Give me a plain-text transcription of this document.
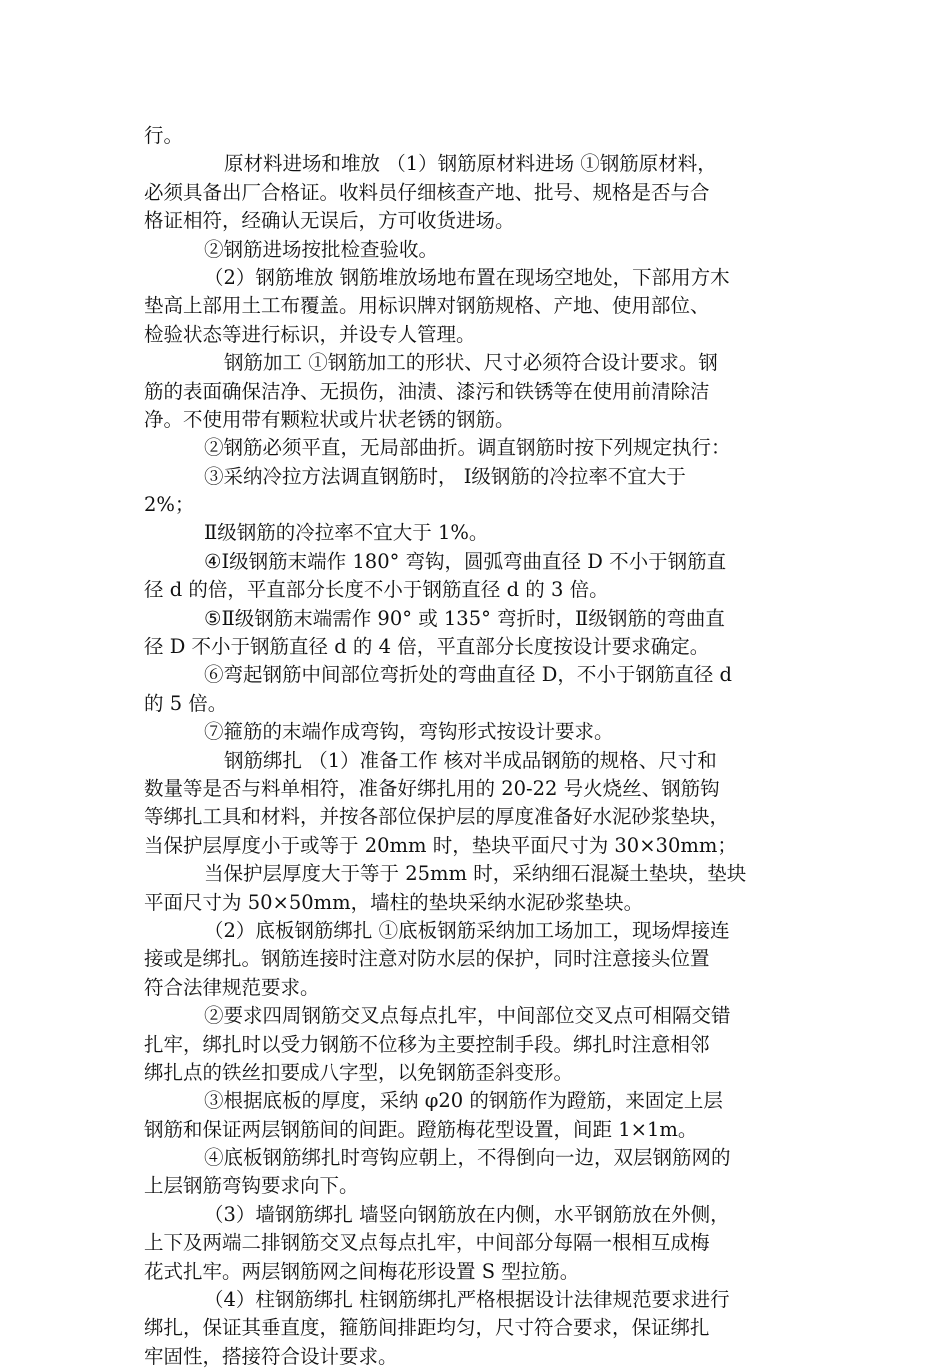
行。
原材料进场和堆放 （1）钢筋原材料进场 ①钢筋原材料，
必须具备出厂合格证。收料员仔细核查产地、批号、规格是否与合
格证相符，经确认无误后，方可收货进场。
②钢筋进场按批检查验收。
（2）钢筋堆放 钢筋堆放场地布置在现场空地处，下部用方木
垫高上部用土工布覆盖。用标识牌对钢筋规格、产地、使用部位、
检验状态等进行标识，并设专人管理。
钢筋加工 ①钢筋加工的形状、尺寸必须符合设计要求。钢
筋的表面确保洁净、无损伤，油渍、漆污和铁锈等在使用前清除洁
净。不使用带有颗粒状或片状老锈的钢筋。
②钢筋必须平直，无局部曲折。调直钢筋时按下列规定执行：
③采纳冷拉方法调直钢筋时， Ⅰ级钢筋的冷拉率不宜大于
2%；
Ⅱ级钢筋的冷拉率不宜大于 1%。
④Ⅰ级钢筋末端作 180° 弯钩，圆弧弯曲直径 D 不小于钢筋直
径 d 的倍，平直部分长度不小于钢筋直径 d 的 3 倍。
⑤Ⅱ级钢筋末端需作 90° 或 135° 弯折时，Ⅱ级钢筋的弯曲直
径 D 不小于钢筋直径 d 的 4 倍，平直部分长度按设计要求确定。
⑥弯起钢筋中间部位弯折处的弯曲直径 D，不小于钢筋直径 d
的 5 倍。
⑦箍筋的末端作成弯钩，弯钩形式按设计要求。
钢筋绑扎 （1）准备工作 核对半成品钢筋的规格、尺寸和
数量等是否与料单相符，准备好绑扎用的 20-22 号火烧丝、钢筋钩
等绑扎工具和材料，并按各部位保护层的厚度准备好水泥砂浆垫块，
当保护层厚度小于或等于 20mm 时，垫块平面尺寸为 30×30mm；
当保护层厚度大于等于 25mm 时，采纳细石混凝土垫块，垫块
平面尺寸为 50×50mm，墙柱的垫块采纳水泥砂浆垫块。
（2）底板钢筋绑扎 ①底板钢筋采纳加工场加工，现场焊接连
接或是绑扎。钢筋连接时注意对防水层的保护，同时注意接头位置
符合法律规范要求。
②要求四周钢筋交叉点每点扎牢，中间部位交叉点可相隔交错
扎牢，绑扎时以受力钢筋不位移为主要控制手段。绑扎时注意相邻
绑扎点的铁丝扣要成八字型，以免钢筋歪斜变形。
③根据底板的厚度，采纳 φ20 的钢筋作为蹬筋，来固定上层
钢筋和保证两层钢筋间的间距。蹬筋梅花型设置，间距 1×1m。
④底板钢筋绑扎时弯钩应朝上，不得倒向一边，双层钢筋网的
上层钢筋弯钩要求向下。
（3）墙钢筋绑扎 墙竖向钢筋放在内侧，水平钢筋放在外侧，
上下及两端二排钢筋交叉点每点扎牢，中间部分每隔一根相互成梅
花式扎牢。两层钢筋网之间梅花形设置 S 型拉筋。
（4）柱钢筋绑扎 柱钢筋绑扎严格根据设计法律规范要求进行
绑扎，保证其垂直度，箍筋间排距均匀，尺寸符合要求，保证绑扎
牢固性，搭接符合设计要求。
